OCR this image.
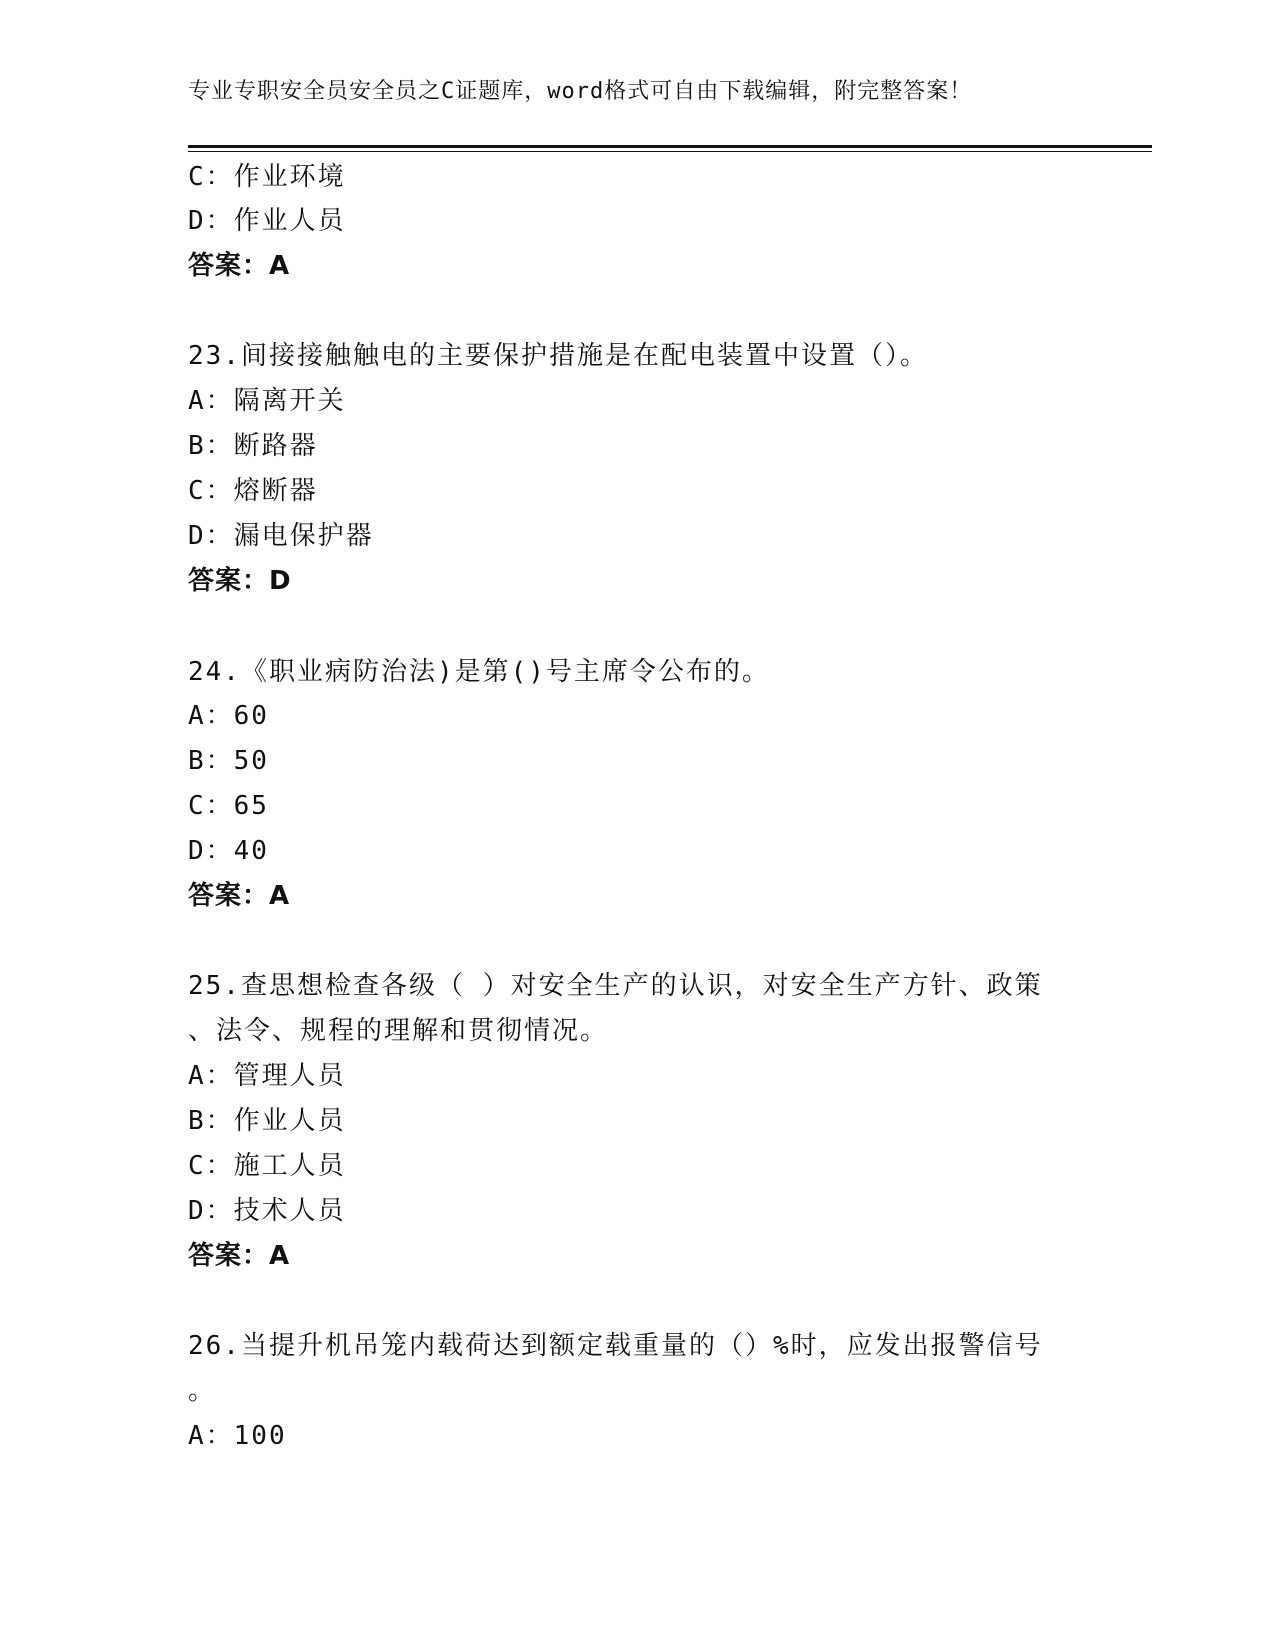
专业专职安全员安全员之C证题库，word格式可自由下载编辑，附完整答案！
C：作业环境
D：作业人员
答案：A
23.间接接触触电的主要保护措施是在配电装置中设置（）。
A：隔离开关
B：断路器
C：熔断器
D：漏电保护器
答案：D
24.《职业病防治法)是第()号主席令公布的。
A：60
B：50
C：65
D：40
答案：A
25.查思想检查各级（ ）对安全生产的认识，对安全生产方针、政策
、法令、规程的理解和贯彻情况。
A：管理人员
B：作业人员
C：施工人员
D：技术人员
答案：A
26.当提升机吊笼内载荷达到额定载重量的（）%时，应发出报警信号
。
A：100
